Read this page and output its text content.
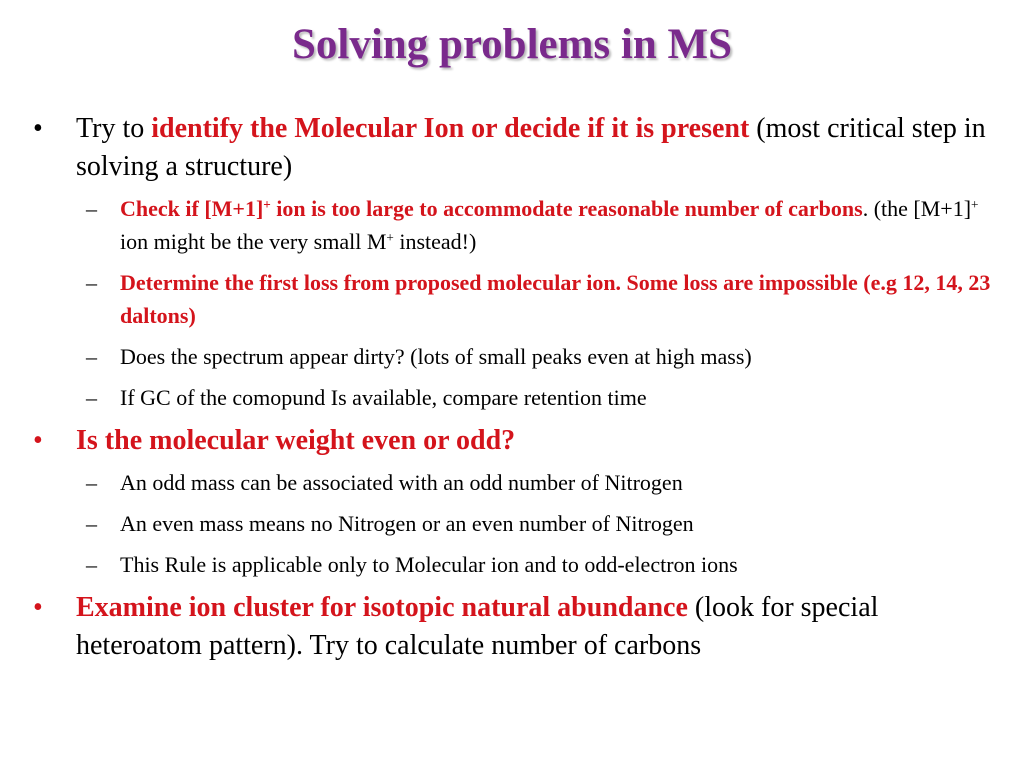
Solving problems in MS
• Try to identify the Molecular Ion or decide if it is present (most critical step in solving a structure)
– Check if [M+1]+ ion is too large to accommodate reasonable number of carbons. (the [M+1]+ ion might be the very small M+ instead!)
– Determine the first loss from proposed molecular ion. Some loss are impossible (e.g 12, 14, 23 daltons)
– Does the spectrum appear dirty? (lots of small peaks even at high mass)
– If GC of the comopund Is available, compare retention time
• Is the molecular weight even or odd?
– An odd mass can be associated with an odd number of Nitrogen
– An even mass means no Nitrogen or an even number of Nitrogen
– This Rule is applicable only to Molecular ion and to odd-electron ions
• Examine ion cluster for isotopic natural abundance (look for special heteroatom pattern). Try to calculate number of carbons
